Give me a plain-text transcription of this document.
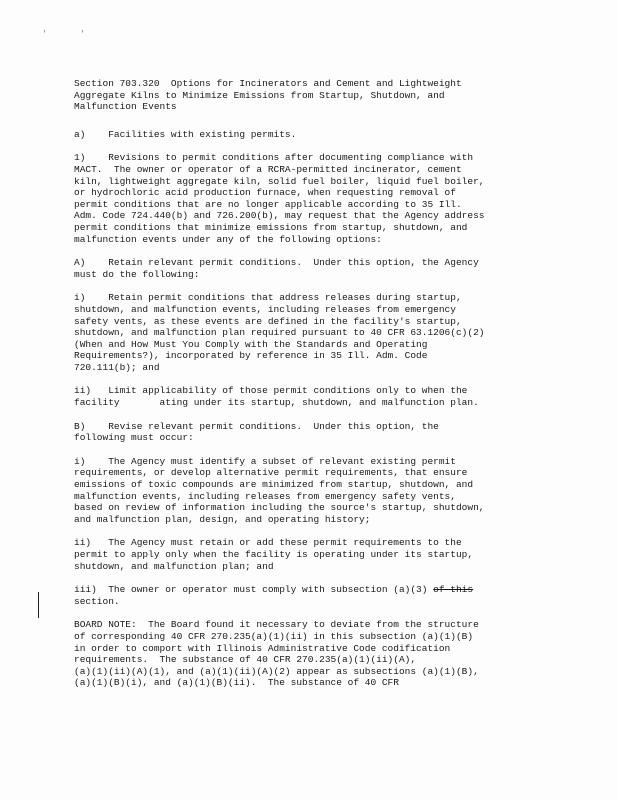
'	'

Section 703.320  Options for Incinerators and Cement and Lightweight
Aggregate Kilns to Minimize Emissions from Startup, Shutdown, and
Malfunction Events

a)    Facilities with existing permits.

1)    Revisions to permit conditions after documenting compliance with
MACT.  The owner or operator of a RCRA-permitted incinerator, cement
kiln, lightweight aggregate kiln, solid fuel boiler, liquid fuel boiler,
or hydrochloric acid production furnace, when requesting removal of
permit conditions that are no longer applicable according to 35 Ill.
Adm. Code 724.440(b) and 726.200(b), may request that the Agency address
permit conditions that minimize emissions from startup, shutdown, and
malfunction events under any of the following options:

A)    Retain relevant permit conditions.  Under this option, the Agency
must do the following:

i)    Retain permit conditions that address releases during startup,
shutdown, and malfunction events, including releases from emergency
safety vents, as these events are defined in the facility's startup,
shutdown, and malfunction plan required pursuant to 40 CFR 63.1206(c)(2)
(When and How Must You Comply with the Standards and Operating
Requirements?), incorporated by reference in 35 Ill. Adm. Code
720.111(b); and

ii)   Limit applicability of those permit conditions only to when the
facility       ating under its startup, shutdown, and malfunction plan.

B)    Revise relevant permit conditions.  Under this option, the
following must occur:

i)    The Agency must identify a subset of relevant existing permit
requirements, or develop alternative permit requirements, that ensure
emissions of toxic compounds are minimized from startup, shutdown, and
malfunction events, including releases from emergency safety vents,
based on review of information including the source's startup, shutdown,
and malfunction plan, design, and operating history;

ii)   The Agency must retain or add these permit requirements to the
permit to apply only when the facility is operating under its startup,
shutdown, and malfunction plan; and

iii)  The owner or operator must comply with subsection (a)(3) of this
section.

BOARD NOTE:  The Board found it necessary to deviate from the structure
of corresponding 40 CFR 270.235(a)(1)(ii) in this subsection (a)(1)(B)
in order to comport with Illinois Administrative Code codification
requirements.  The substance of 40 CFR 270.235(a)(1)(ii)(A),
(a)(1)(ii)(A)(1), and (a)(1)(ii)(A)(2) appear as subsections (a)(1)(B),
(a)(1)(B)(i), and (a)(1)(B)(ii).  The substance of 40 CFR
